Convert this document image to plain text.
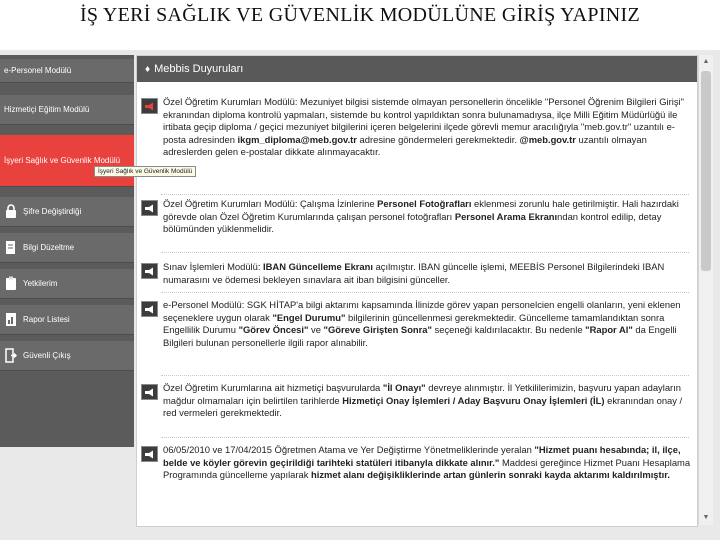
İŞ YERİ SAĞLIK VE GÜVENLİK MODÜLÜNE GİRİŞ YAPINIZ
e-Personel Modülü
Hizmetiçi Eğitim Modülü
İşyeri Sağlık ve Güvenlik Modülü
Şifre Değiştirdiği
Bilgi Düzeltme
Yetkilerim
Rapor Listesi
Güvenli Çıkış
İşyeri Sağlık ve Güvenlik Modülü
♦ Mebbis Duyuruları
Özel Öğretim Kurumları Modülü: Mezuniyet bilgisi sistemde olmayan personellerin öncelikle "Personel Öğrenim Bilgileri Girişi" ekranından diploma kontrolü yapmaları, sistemde bu kontrol yapıldıktan sonra bulunamadıysa, ilçe Milli Eğitim Müdürlüğü ile irtibata geçip diploma / geçici mezuniyet bilgilerini içeren belgelerini ilçede görevli memur aracılığıyla "meb.gov.tr" uzantılı e-posta adresinden ikgm_diploma@meb.gov.tr adresine göndermeleri gerekmektedir. @meb.gov.tr uzantılı olmayan adreslerden gelen e-postalar dikkate alınmayacaktır.
Özel Öğretim Kurumları Modülü: Çalışma İzinlerine Personel Fotoğrafları eklenmesi zorunlu hale getirilmiştir. Hali hazırdaki görevde olan Özel Öğretim Kurumlarında çalışan personel fotoğrafları Personel Arama Ekranından kontrol edilip, detay bölümünden yüklenmelidir.
Sınav İşlemleri Modülü: IBAN Güncelleme Ekranı açılmıştır. IBAN güncelle işlemi, MEEBİS Personel Bilgilerindeki IBAN numarasını ve ödemesi bekleyen sınavlara ait iban bilgisini günceller.
e-Personel Modülü: SGK HİTAP'a bilgi aktarımı kapsamında İlinizde görev yapan personelcien engelli olanların, yeni eklenen seçeneklere uygun olarak "Engel Durumu" bilgilerinin güncellenmesi gerekmektedir. Güncelleme tamamlandıktan sonra Engellilik Durumu "Görev Öncesi" ve "Göreve Girişten Sonra" seçeneği kaldırılacaktır. Bu nedenle "Rapor Al" da Engelli Bilgileri bulunan personellerle ilgili rapor alınabilir.
Özel Öğretim Kurumlarına ait hizmetiçi başvurularda "İl Onayı" devreye alınmıştır. İl Yetkililerimizin, başvuru yapan adayların mağdur olmamaları için belirtilen tarihlerde Hizmetiçi Onay İşlemleri / Aday Başvuru Onay İşlemleri (İL) ekranından onay / red vermeleri gerekmektedir.
06/05/2010 ve 17/04/2015 Öğretmen Atama ve Yer Değiştirme Yönetmeliklerinde yeralan "Hizmet puanı hesabında; il, ilçe, belde ve köyler görevin geçirildiği tarihteki statüleri itibanyla dikkate alınır." Maddesi gereğince Hizmet Puanı Hesaplama Programında güncelleme yapılarak hizmet alanı değişikliklerinde artan günlerin sonraki kayda aktarımı kaldırılmıştır.
▲
▼
